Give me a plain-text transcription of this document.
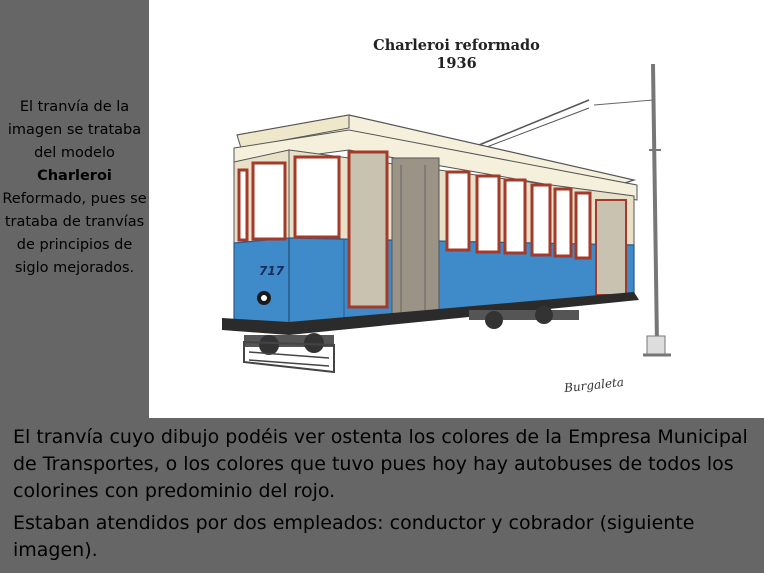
El tranvía de la imagen se trataba del modelo Charleroi Reformado, pues se trataba de tranvías de principios de siglo mejorados.	717
Charleroi reformado
1936
Burgaleta
El tranvía cuyo dibujo podéis ver ostenta los colores de la Empresa Municipal de Transportes, o los colores que tuvo pues hoy hay autobuses de todos los colorines con predominio del rojo.
Estaban atendidos por dos empleados: conductor y cobrador (siguiente imagen).
